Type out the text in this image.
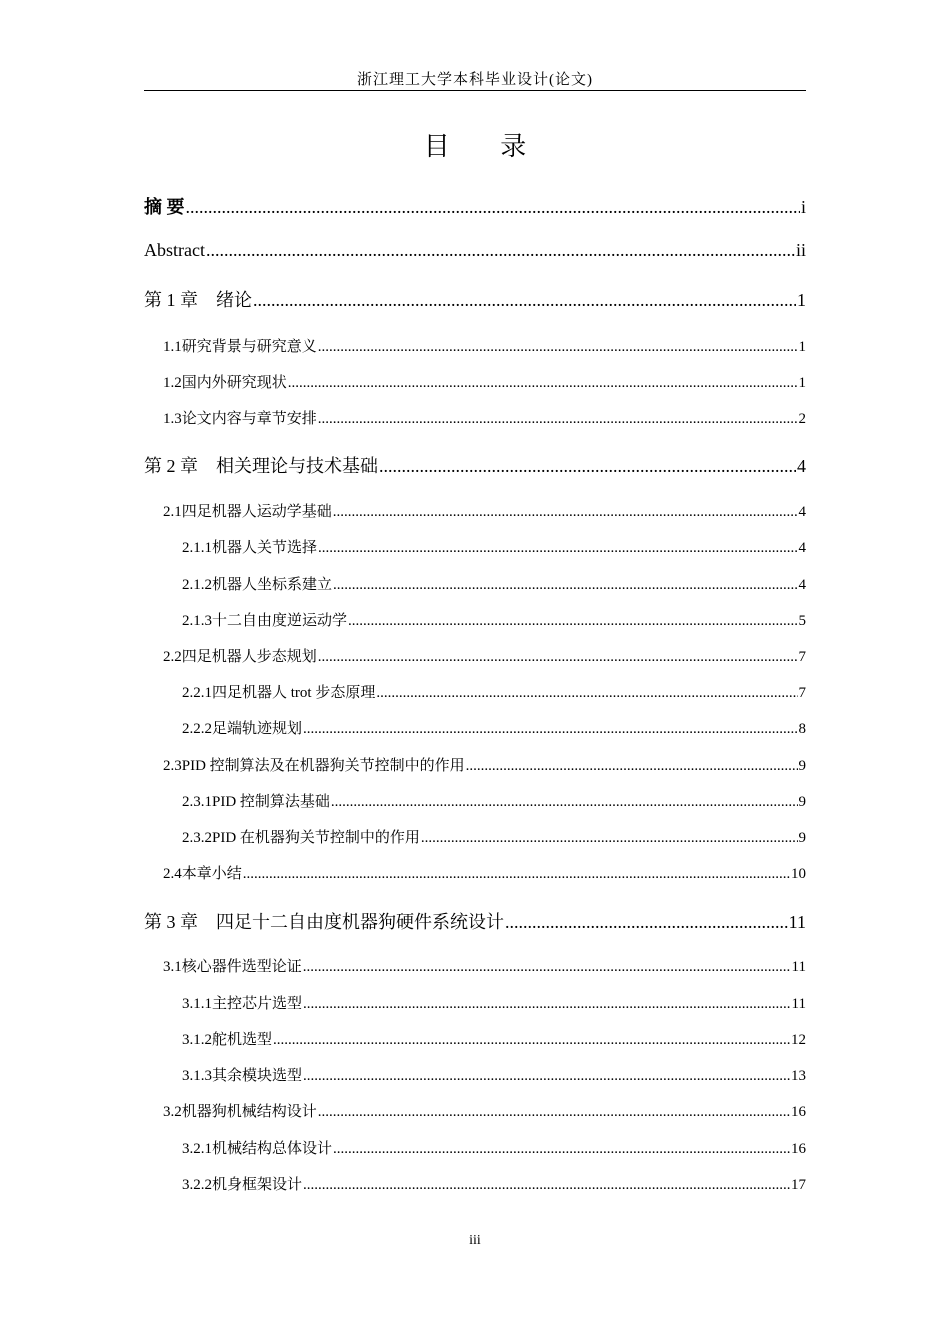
浙江理工大学本科毕业设计(论文)
目 录
摘 要 .....	i
Abstract .....	ii
第 1 章 绪论 .....	1
1.1 研究背景与研究意义 .....	1
1.2 国内外研究现状 .....	1
1.3 论文内容与章节安排 .....	2
第 2 章 相关理论与技术基础 .....	4
2.1 四足机器人运动学基础 .....	4
2.1.1 机器人关节选择 .....	4
2.1.2 机器人坐标系建立 .....	4
2.1.3 十二自由度逆运动学 .....	5
2.2 四足机器人步态规划 .....	7
2.2.1 四足机器人 trot 步态原理 .....	7
2.2.2 足端轨迹规划 .....	8
2.3 PID 控制算法及在机器狗关节控制中的作用 .....	9
2.3.1 PID 控制算法基础 .....	9
2.3.2 PID 在机器狗关节控制中的作用 .....	9
2.4 本章小结 .....	10
第 3 章 四足十二自由度机器狗硬件系统设计 .....	11
3.1 核心器件选型论证 .....	11
3.1.1 主控芯片选型 .....	11
3.1.2 舵机选型 .....	12
3.1.3 其余模块选型 .....	13
3.2 机器狗机械结构设计 .....	16
3.2.1 机械结构总体设计 .....	16
3.2.2 机身框架设计 .....	17
iii
